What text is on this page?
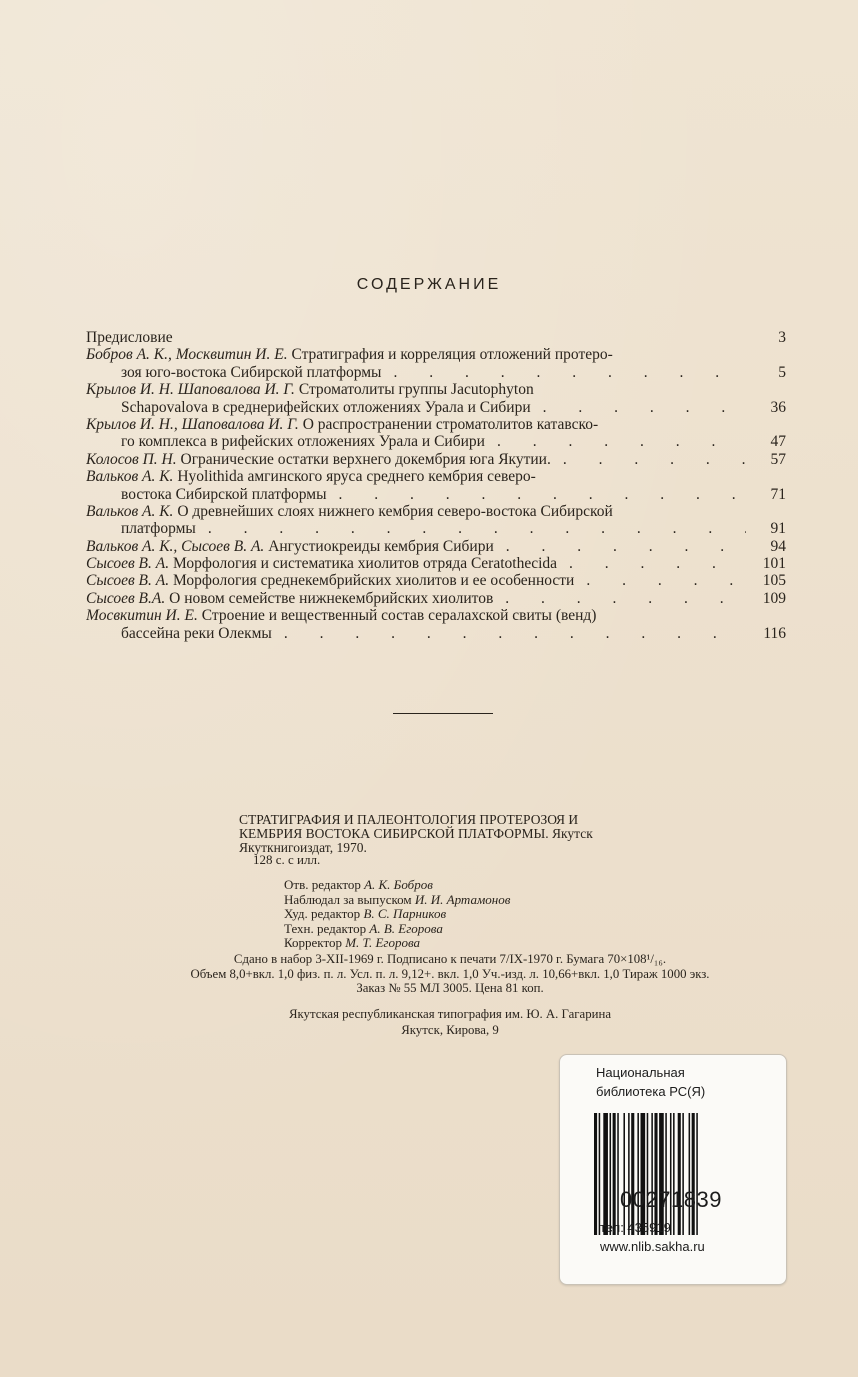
СОДЕРЖАНИЕ
Предисловие	3
Бобров А. К., Москвитин И. Е. Стратиграфия и корреляция отложений протеро-
зоя юго-востока Сибирской платформы	5
. . .
Крылов И. Н. Шаповалова И. Г. Строматолиты группы Jacutophyton
Schapovalova в среднерифейских отложениях Урала и Сибири	36
. . .
Крылов И. Н., Шаповалова И. Г. О распространении строматолитов катавско-
го комплекса в рифейских отложениях Урала и Сибири	47
. . .
Колосов П. Н. Огранические остатки верхнего докембрия юга Якутии.	57
. . .
Вальков А. К. Hyolithida амгинского яруса среднего кембрия северо-
востока Сибирской платформы	71
. . .
Вальков А. К. О древнейших слоях нижнего кембрия северо-востока Сибирской
платформы	91
. . .
Вальков А. К., Сысоев В. А. Ангустиокреиды кембрия Сибири	94
. . .
Сысоев В. А. Морфология и систематика хиолитов отряда Ceratothecida	101
. . .
Сысоев В. А. Морфология среднекембрийских хиолитов и ее особенности	105
. . .
Сысоев В.А. О новом семействе нижнекембрийских хиолитов	109
. . .
Мосвкитин И. Е. Строение и вещественный состав сералахской свиты (венд)
бассейна реки Олекмы	116
. . .
СТРАТИГРАФИЯ И ПАЛЕОНТОЛОГИЯ ПРОТЕРОЗОЯ И
КЕМБРИЯ ВОСТОКА СИБИРСКОЙ ПЛАТФОРМЫ. Якутск
Якуткнигоиздат, 1970.
128 с. с илл.
Отв. редактор А. К. Бобров
Наблюдал за выпуском И. И. Артамонов
Худ. редактор В. С. Парников
Техн. редактор А. В. Егорова
Корректор М. Т. Егорова
Сдано в набор 3-XII-1969 г. Подписано к печати 7/IX-1970 г. Бумага 70×108¹/₁₆.
Объем 8,0+вкл. 1,0 физ. п. л. Усл. п. л. 9,12+. вкл. 1,0 Уч.-изд. л. 10,66+вкл. 1,0 Тираж 1000 экз.
Заказ № 55 МЛ 3005. Цена 81 коп.
Якутская республиканская типография им. Ю. А. Гагарина
Якутск, Кирова, 9
Национальная
библиотека РС(Я)
00271839
тел: 435919
www.nlib.sakha.ru
